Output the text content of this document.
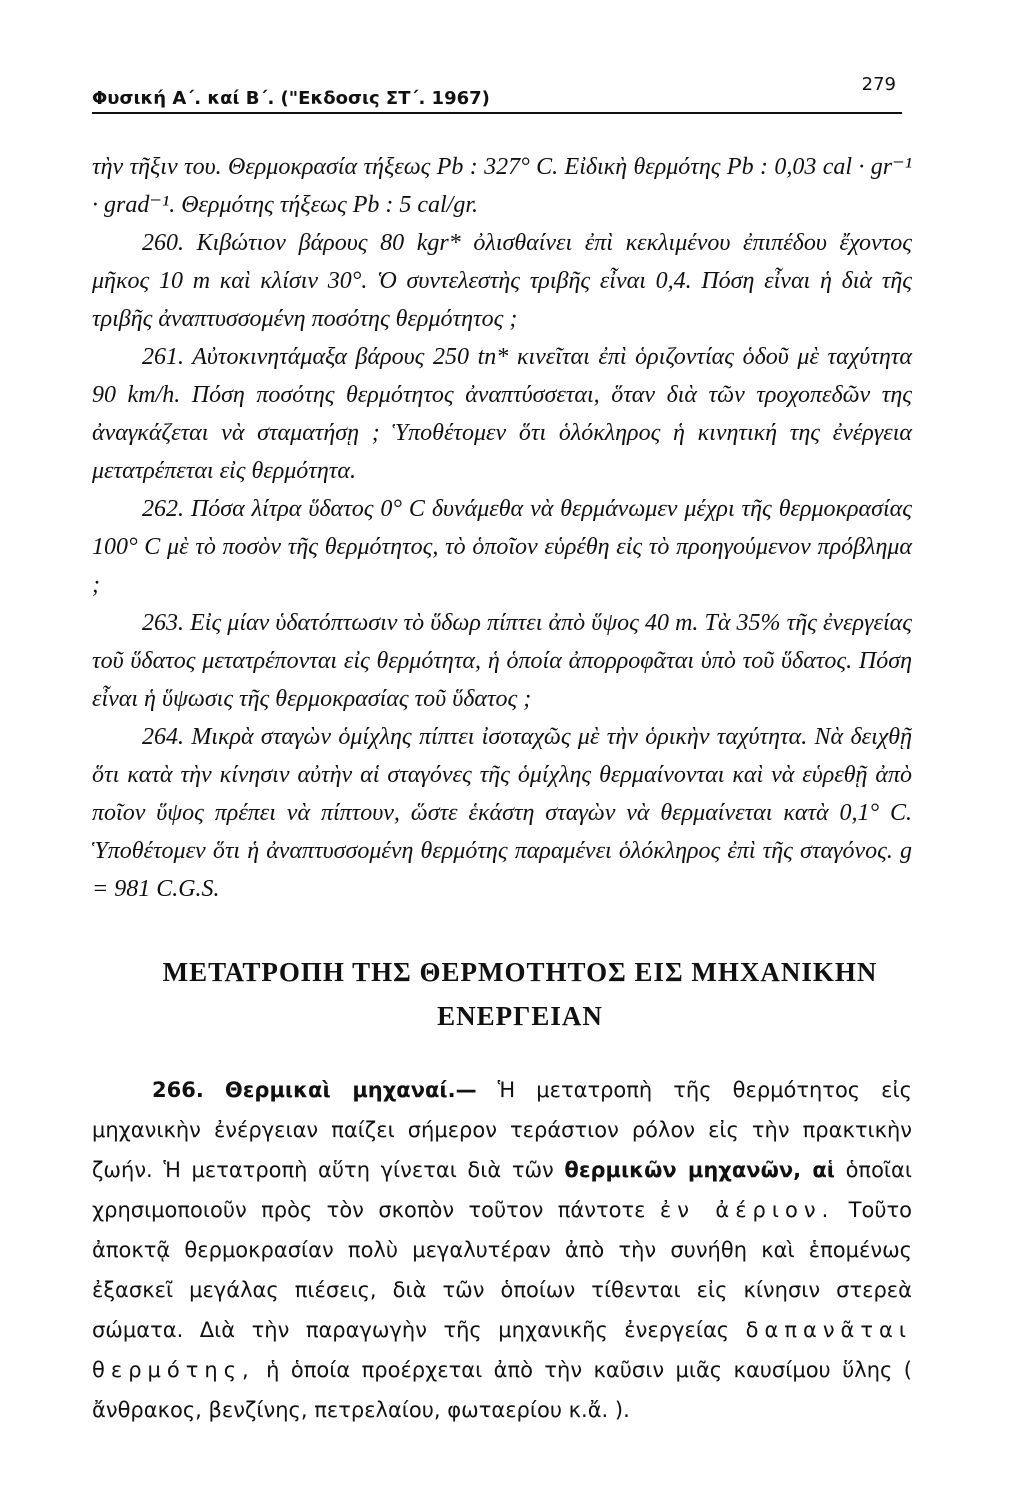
Φυσική Α΄. καί Β΄. ("Εκδοσις ΣΤ΄. 1967)
279

τὴν τῆξιν του. Θερμοκρασία τήξεως Pb : 327° C. Εἰδικὴ θερμότης Pb : 0,03 cal · gr⁻¹ · grad⁻¹. Θερμότης τήξεως Pb : 5 cal/gr.

260. Κιβώτιον βάρους 80 kgr* ὀλισθαίνει ἐπὶ κεκλιμένου ἐπιπέδου ἔχοντος μῆκος 10 m καὶ κλίσιν 30°. Ὁ συντελεστὴς τριβῆς εἶναι 0,4. Πόση εἶναι ἡ διὰ τῆς τριβῆς ἀναπτυσσομένη ποσότης θερμότητος ;

261. Αὐτοκινητάμαξα βάρους 250 tn* κινεῖται ἐπὶ ὁριζοντίας ὁδοῦ μὲ ταχύτητα 90 km/h. Πόση ποσότης θερμότητος ἀναπτύσσεται, ὅταν διὰ τῶν τροχοπεδῶν της ἀναγκάζεται νὰ σταματήσῃ ; Ὑποθέτομεν ὅτι ὁλόκληρος ἡ κινητική της ἐνέργεια μετατρέπεται εἰς θερμότητα.

262. Πόσα λίτρα ὕδατος 0° C δυνάμεθα νὰ θερμάνωμεν μέχρι τῆς θερμοκρασίας 100° C μὲ τὸ ποσὸν τῆς θερμότητος, τὸ ὁποῖον εὑρέθη εἰς τὸ προηγούμενον πρόβλημα ;

263. Εἰς μίαν ὑδατόπτωσιν τὸ ὕδωρ πίπτει ἀπὸ ὕψος 40 m. Τὰ 35% τῆς ἐνεργείας τοῦ ὕδατος μετατρέπονται εἰς θερμότητα, ἡ ὁποία ἀπορροφᾶται ὑπὸ τοῦ ὕδατος. Πόση εἶναι ἡ ὕψωσις τῆς θερμοκρασίας τοῦ ὕδατος ;

264. Μικρὰ σταγὼν ὁμίχλης πίπτει ἰσοταχῶς μὲ τὴν ὁρικὴν ταχύτητα. Νὰ δειχθῇ ὅτι κατὰ τὴν κίνησιν αὐτὴν αἱ σταγόνες τῆς ὁμίχλης θερμαίνονται καὶ νὰ εὑρεθῇ ἀπὸ ποῖον ὕψος πρέπει νὰ πίπτουν, ὥστε ἑκάστη σταγὼν νὰ θερμαίνεται κατὰ 0,1° C. Ὑποθέτομεν ὅτι ἡ ἀναπτυσσομένη θερμότης παραμένει ὁλόκληρος ἐπὶ τῆς σταγόνος. g = 981 C.G.S.

ΜΕΤΑΤΡΟΠΗ ΤΗΣ ΘΕΡΜΟΤΗΤΟΣ ΕΙΣ ΜΗΧΑΝΙΚΗΝ
ΕΝΕΡΓΕΙΑΝ

266. Θερμικαὶ μηχαναί.— Ἡ μετατροπὴ τῆς θερμότητος εἰς μηχανικὴν ἐνέργειαν παίζει σήμερον τεράστιον ρόλον εἰς τὴν πρακτικὴν ζωήν. Ἡ μετατροπὴ αὕτη γίνεται διὰ τῶν θερμικῶν μηχανῶν, αἱ ὁποῖαι χρησιμοποιοῦν πρὸς τὸν σκοπὸν τοῦτον πάντοτε ἐν ἀέριον. Τοῦτο ἀποκτᾷ θερμοκρασίαν πολὺ μεγαλυτέραν ἀπὸ τὴν συνήθη καὶ ἑπομένως ἐξασκεῖ μεγάλας πιέσεις, διὰ τῶν ὁποίων τίθενται εἰς κίνησιν στερεὰ σώματα. Διὰ τὴν παραγωγὴν τῆς μηχανικῆς ἐνεργείας δαπανᾶται θερμότης, ἡ ὁποία προέρχεται ἀπὸ τὴν καῦσιν μιᾶς καυσίμου ὕλης ( ἄνθρακος, βενζίνης, πετρελαίου, φωταερίου κ.ἄ. ).
